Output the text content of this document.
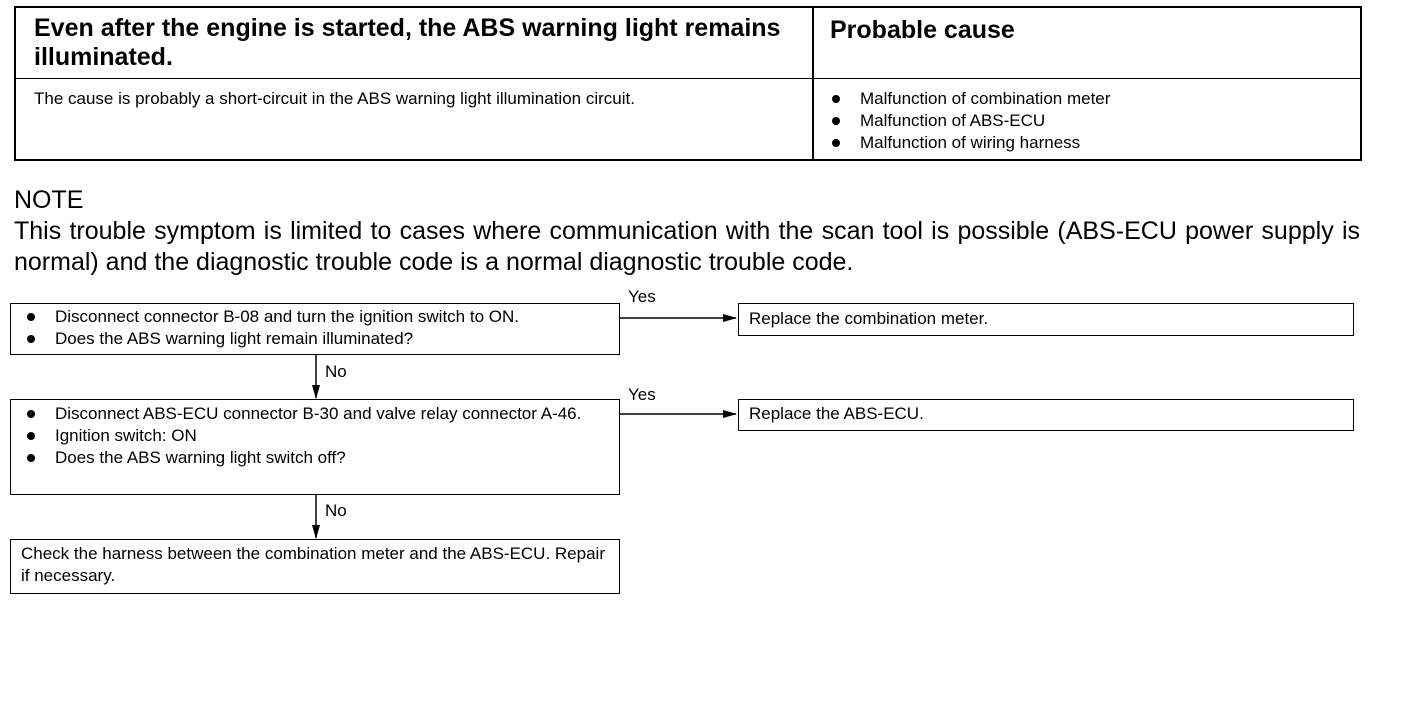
Even after the engine is started, the ABS warning light remains illuminated.
Probable cause
The cause is probably a short-circuit in the ABS warning light illumination circuit.	Malfunction of combination meter
Malfunction of ABS-ECU
Malfunction of wiring harness
NOTE
This trouble symptom is limited to cases where communication with the scan tool is possible (ABS-ECU power supply is normal) and the diagnostic trouble code is a normal diagnostic trouble code.
Disconnect connector B-08 and turn the ignition switch to ON.
Does the ABS warning light remain illuminated?
Yes
Replace the combination meter.
No
Disconnect ABS-ECU connector B-30 and valve relay connector A-46.
Ignition switch: ON
Does the ABS warning light switch off?
Yes
Replace the ABS-ECU.
No
Check the harness between the combination meter and the ABS-ECU. Repair if necessary.
